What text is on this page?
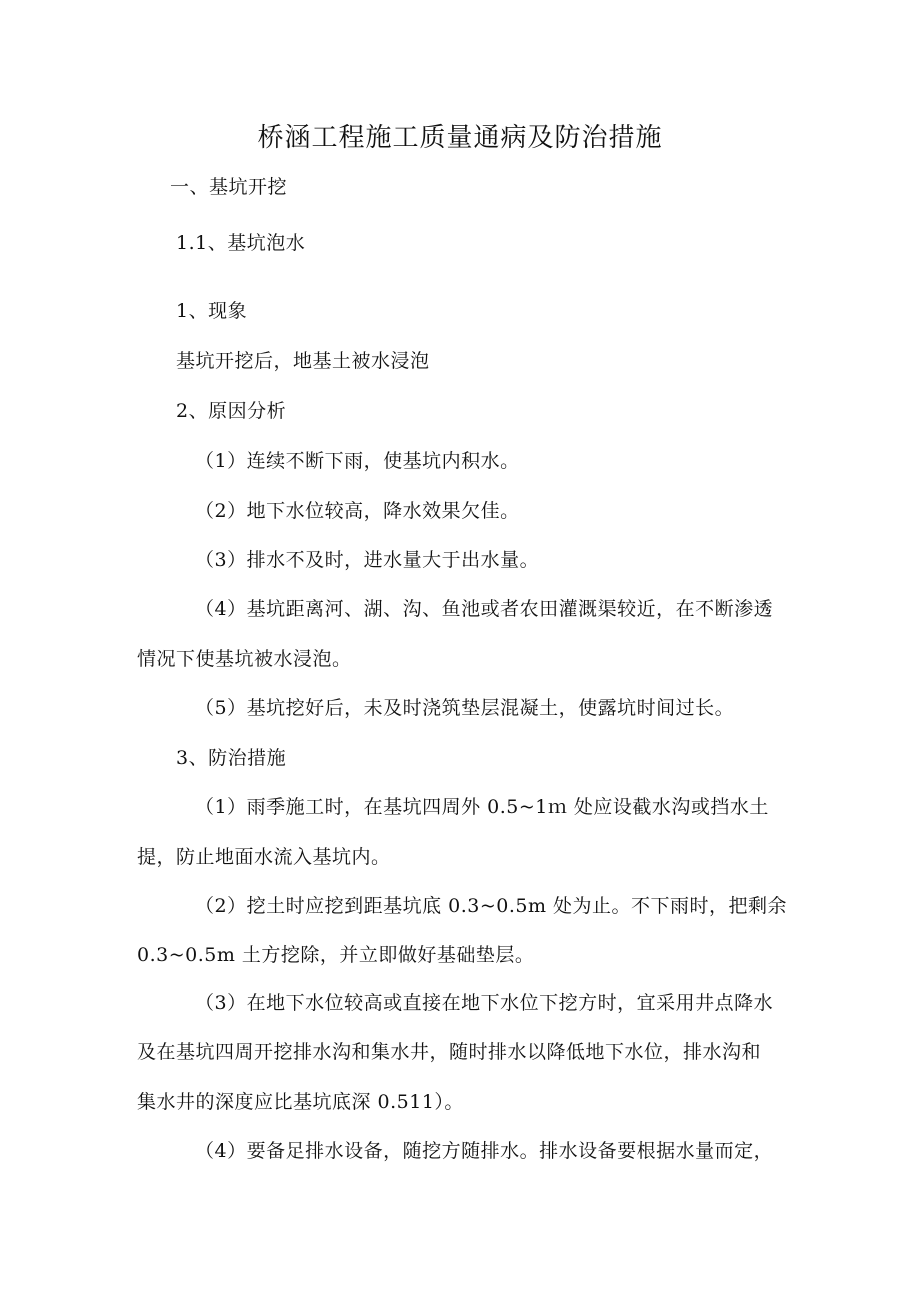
桥涵工程施工质量通病及防治措施
一、基坑开挖
1.1、基坑泡水
1、现象
基坑开挖后，地基土被水浸泡
2、原因分析
（1）连续不断下雨，使基坑内积水。
（2）地下水位较高，降水效果欠佳。
（3）排水不及时，进水量大于出水量。
（4）基坑距离河、湖、沟、鱼池或者农田灌溉渠较近，在不断渗透
情况下使基坑被水浸泡。
（5）基坑挖好后，未及时浇筑垫层混凝土，使露坑时间过长。
3、防治措施
（1）雨季施工时，在基坑四周外 0.5~1ｍ 处应设截水沟或挡水土
提，防止地面水流入基坑内。
（2）挖土时应挖到距基坑底 0.3~0.5m 处为止。不下雨时，把剩余
0.3~0.5m 土方挖除，并立即做好基础垫层。
（3）在地下水位较高或直接在地下水位下挖方时，宜采用井点降水
及在基坑四周开挖排水沟和集水井，随时排水以降低地下水位，排水沟和
集水井的深度应比基坑底深 0.511）。
（4）要备足排水设备，随挖方随排水。排水设备要根据水量而定，
